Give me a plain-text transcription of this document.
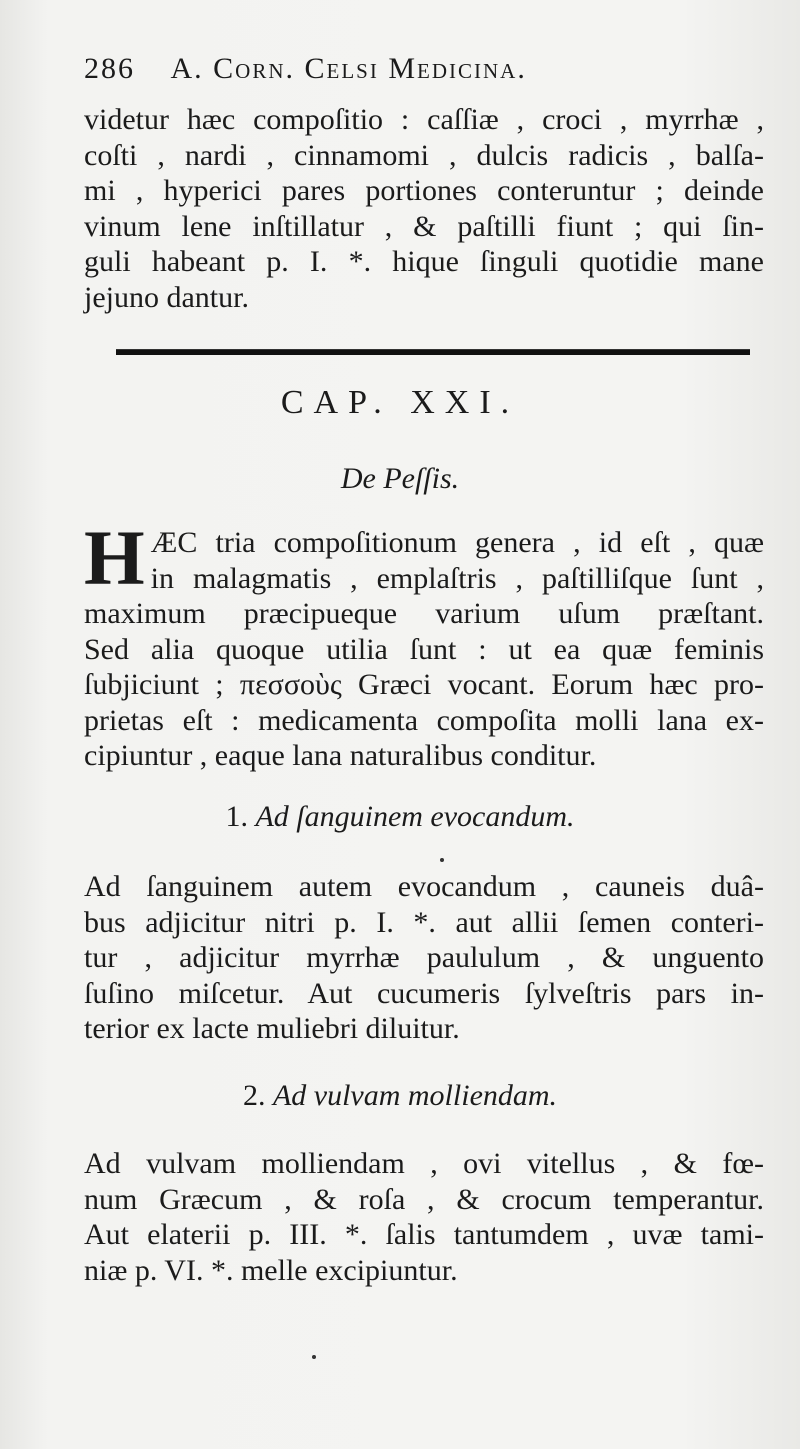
286 A. Corn. Celsi Medicina.
videtur hæc compoſitio : caſſiæ , croci , myrrhæ ,
coſti , nardi , cinnamomi , dulcis radicis , balſa-
mi , hyperici pares portiones conteruntur ; deinde
vinum lene inſtillatur , & paſtilli fiunt ; qui ſin-
guli habeant p. I. *. hique ſinguli quotidie mane
jejuno dantur.
CAP. XXI.
De Peſſis.
H ÆC tria compoſitionum genera , id eſt , quæ
in malagmatis , emplaſtris , paſtilliſque ſunt ,
maximum præcipueque varium uſum præſtant.
Sed alia quoque utilia ſunt : ut ea quæ feminis
ſubjiciunt ; πεσσοὺς Græci vocant. Eorum hæc pro-
prietas eſt : medicamenta compoſita molli lana ex-
cipiuntur , eaque lana naturalibus conditur.
1. Ad ſanguinem evocandum.
Ad ſanguinem autem evocandum , cauneis duâ-
bus adjicitur nitri p. I. *. aut allii ſemen conteri-
tur , adjicitur myrrhæ paululum , & unguento
ſuſino miſcetur. Aut cucumeris ſylveſtris pars in-
terior ex lacte muliebri diluitur.
2. Ad vulvam molliendam.
Ad vulvam molliendam , ovi vitellus , & fœ-
num Græcum , & roſa , & crocum temperantur.
Aut elaterii p. III. *. ſalis tantumdem , uvæ tami-
niæ p. VI. *. melle excipiuntur.
